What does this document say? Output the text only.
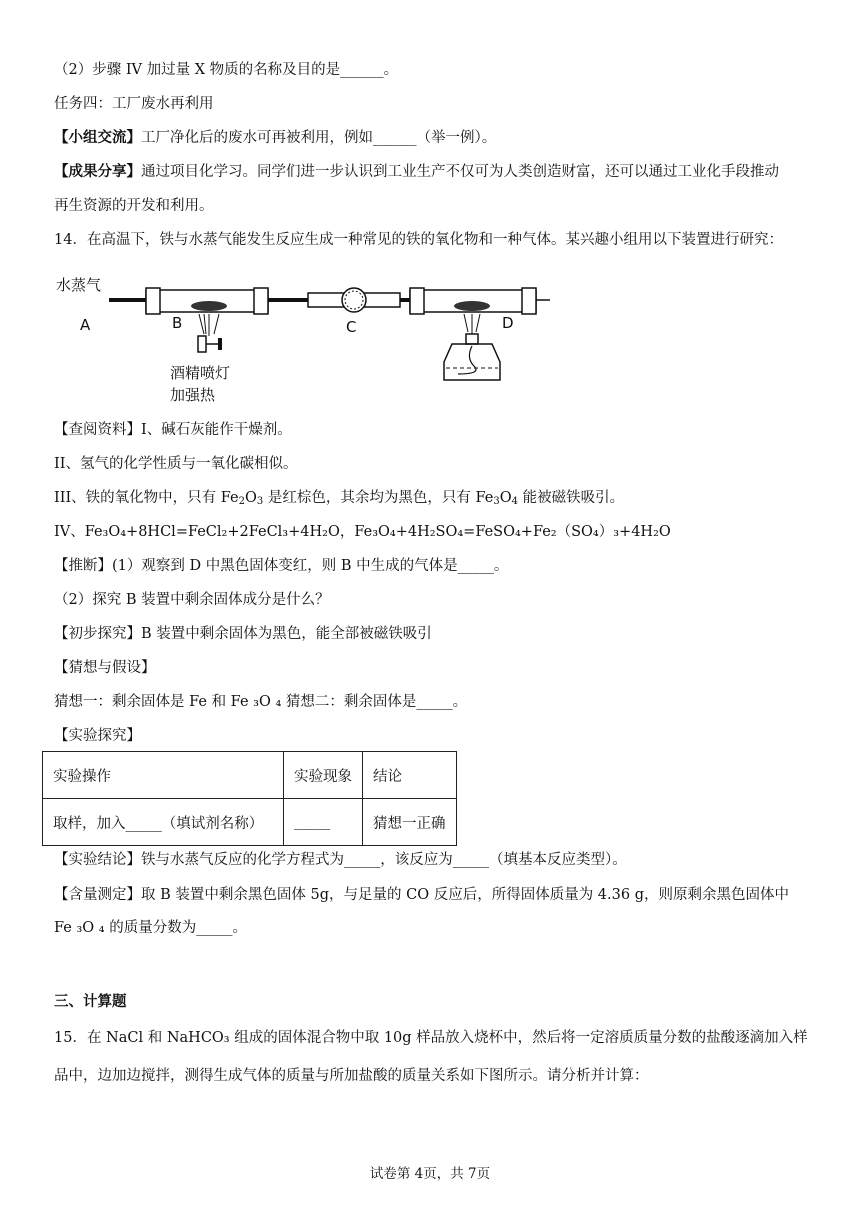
（2）步骤 IV 加过量 X 物质的名称及目的是______。
任务四：工厂废水再利用
【小组交流】工厂净化后的废水可再被利用，例如______（举一例）。
【成果分享】通过项目化学习。同学们进一步认识到工业生产不仅可为人类创造财富，还可以通过工业化手段推动
再生资源的开发和利用。
14．在高温下，铁与水蒸气能发生反应生成一种常见的铁的氧化物和一种气体。某兴趣小组用以下装置进行研究：
水蒸气
A	B
酒精喷灯
加强热
C	D
【查阅资料】I、碱石灰能作干燥剂。
II、氢气的化学性质与一氧化碳相似。
III、铁的氧化物中，只有 $Fe_2O_3$ 是红棕色，其余均为黑色，只有 $Fe_3O_4$ 能被磁铁吸引。
IV、Fe₃O₄+8HCl=FeCl₂+2FeCl₃+4H₂O，Fe₃O₄+4H₂SO₄=FeSO₄+Fe₂（SO₄）₃+4H₂O
【推断】(1）观察到 D 中黑色固体变红，则 B 中生成的气体是_____。
（2）探究 B 装置中剩余固体成分是什么？
【初步探究】B 装置中剩余固体为黑色，能全部被磁铁吸引
【猜想与假设】
猜想一：剩余固体是 Fe 和 Fe ₃O ₄ 猜想二：剩余固体是_____。
【实验探究】
实验操作	实验现象	结论
取样，加入_____（填试剂名称）	_____	猜想一正确
【实验结论】铁与水蒸气反应的化学方程式为_____，该反应为_____（填基本反应类型）。
【含量测定】取 B 装置中剩余黑色固体 5g，与足量的 CO 反应后，所得固体质量为 4.36 g，则原剩余黑色固体中
Fe ₃O ₄ 的质量分数为_____。
三、计算题
15．在 NaCl 和 NaHCO₃ 组成的固体混合物中取 10g 样品放入烧杯中，然后将一定溶质质量分数的盐酸逐滴加入样
品中，边加边搅拌，测得生成气体的质量与所加盐酸的质量关系如下图所示。请分析并计算：
试卷第 4页，共 7页
